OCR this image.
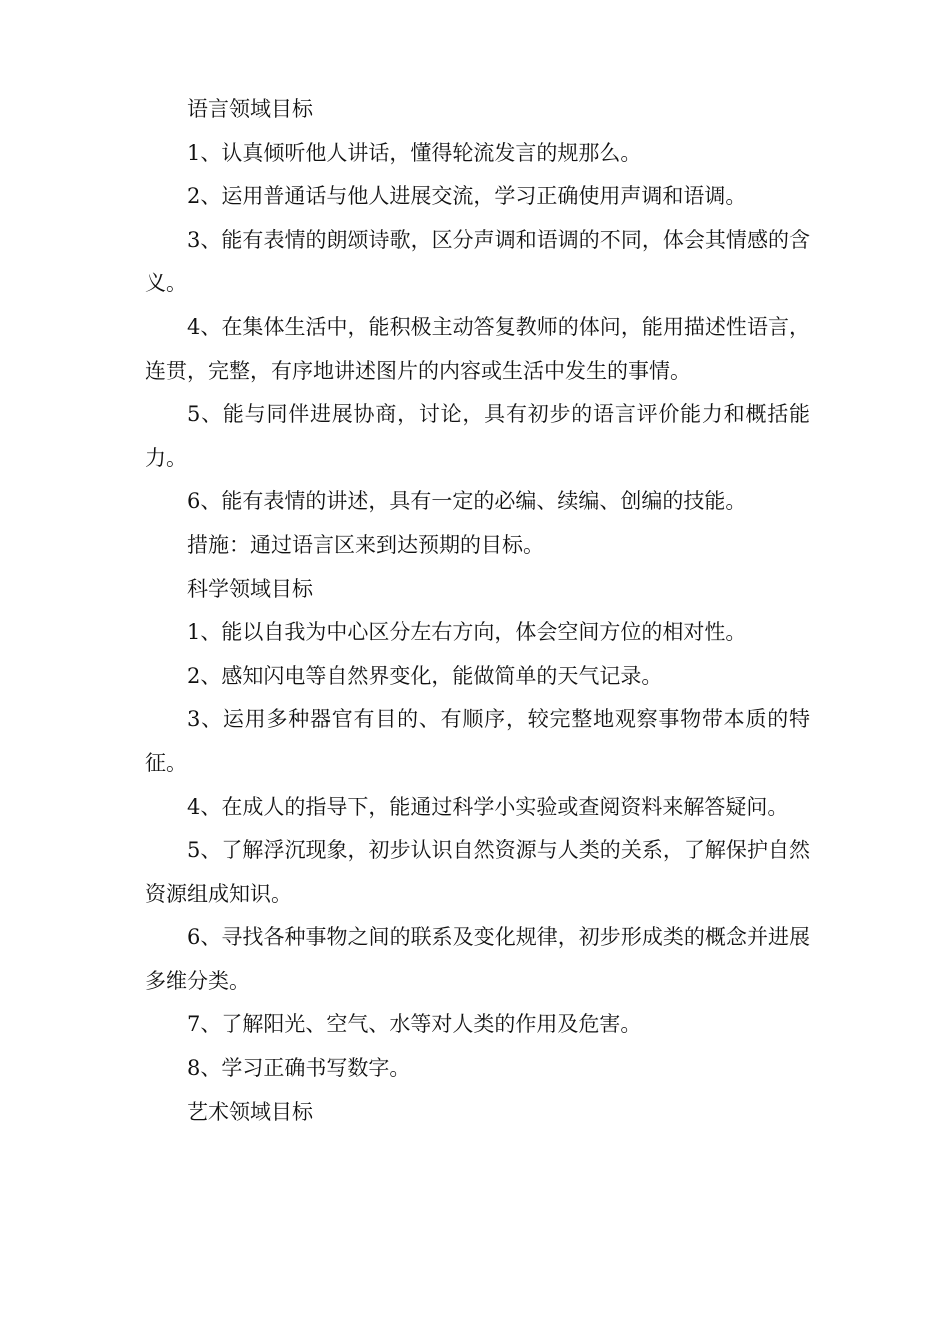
语言领域目标

1、认真倾听他人讲话，懂得轮流发言的规那么。

2、运用普通话与他人进展交流，学习正确使用声调和语调。

3、能有表情的朗颂诗歌，区分声调和语调的不同，体会其情感的含义。

4、在集体生活中，能积极主动答复教师的体问，能用描述性语言，连贯，完整，有序地讲述图片的内容或生活中发生的事情。

5、能与同伴进展协商，讨论，具有初步的语言评价能力和概括能力。

6、能有表情的讲述，具有一定的必编、续编、创编的技能。

措施：通过语言区来到达预期的目标。

科学领域目标

1、能以自我为中心区分左右方向，体会空间方位的相对性。

2、感知闪电等自然界变化，能做简单的天气记录。

3、运用多种器官有目的、有顺序，较完整地观察事物带本质的特征。

4、在成人的指导下，能通过科学小实验或查阅资料来解答疑问。

5、了解浮沉现象，初步认识自然资源与人类的关系，了解保护自然资源组成知识。

6、寻找各种事物之间的联系及变化规律，初步形成类的概念并进展多维分类。

7、了解阳光、空气、水等对人类的作用及危害。

8、学习正确书写数字。

艺术领域目标
